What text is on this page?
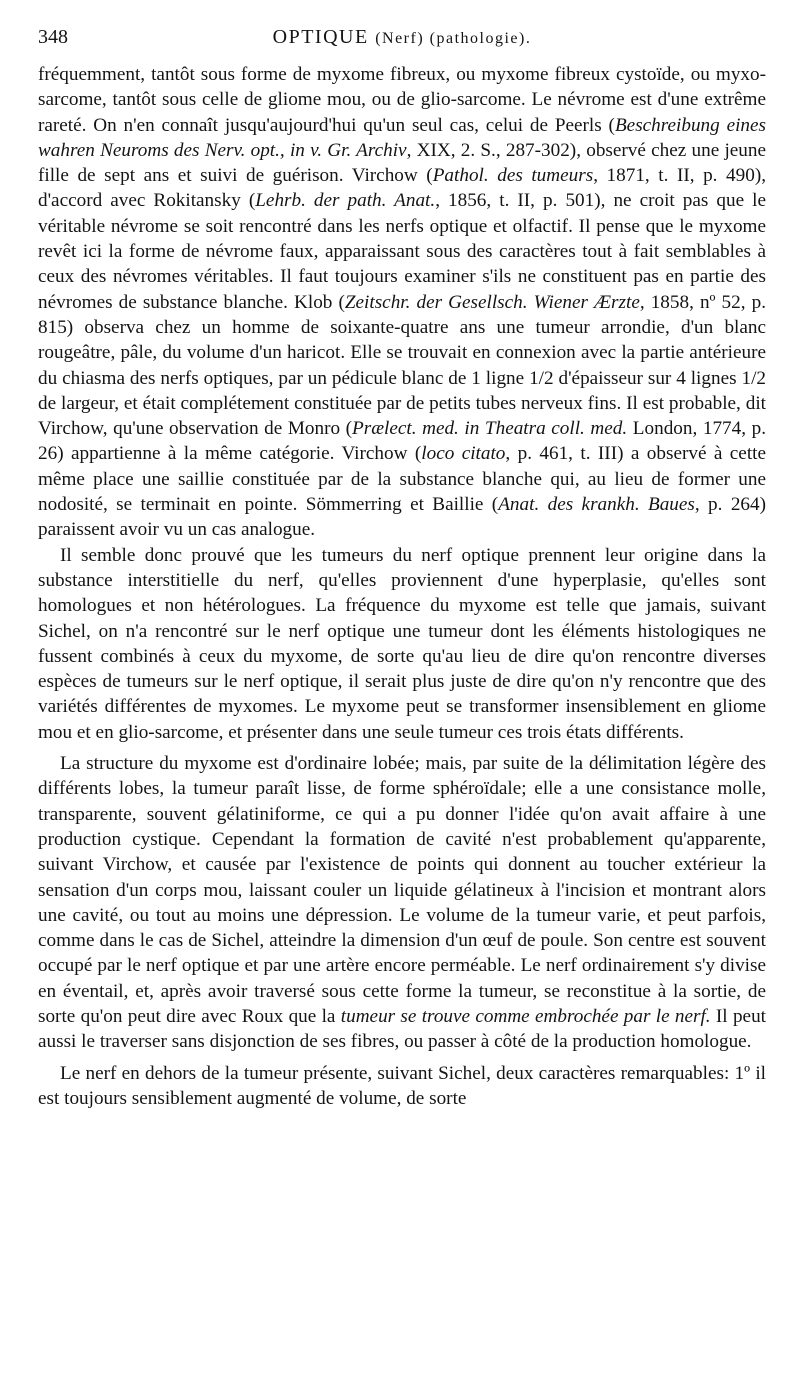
348	OPTIQUE (Nerf) (pathologie).

fréquemment, tantôt sous forme de myxome fibreux, ou myxome fibreux cystoïde, ou myxo-sarcome, tantôt sous celle de gliome mou, ou de glio-sarcome. Le névrome est d'une extrême rareté. On n'en connaît jusqu'aujourd'hui qu'un seul cas, celui de Peerls (Beschreibung eines wahren Neuroms des Nerv. opt., in v. Gr. Archiv, XIX, 2. S., 287-302), observé chez une jeune fille de sept ans et suivi de guérison. Virchow (Pathol. des tumeurs, 1871, t. II, p. 490), d'accord avec Rokitansky (Lehrb. der path. Anat., 1856, t. II, p. 501), ne croit pas que le véritable névrome se soit rencontré dans les nerfs optique et olfactif. Il pense que le myxome revêt ici la forme de névrome faux, apparaissant sous des caractères tout à fait semblables à ceux des névromes véritables. Il faut toujours examiner s'ils ne constituent pas en partie des névromes de substance blanche. Klob (Zeitschr. der Gesellsch. Wiener Ærzte, 1858, nº 52, p. 815) observa chez un homme de soixante-quatre ans une tumeur arrondie, d'un blanc rougeâtre, pâle, du volume d'un haricot. Elle se trouvait en connexion avec la partie antérieure du chiasma des nerfs optiques, par un pédicule blanc de 1 ligne 1/2 d'épaisseur sur 4 lignes 1/2 de largeur, et était complétement constituée par de petits tubes nerveux fins. Il est probable, dit Virchow, qu'une observation de Monro (Prælect. med. in Theatra coll. med. London, 1774, p. 26) appartienne à la même catégorie. Virchow (loco citato, p. 461, t. III) a observé à cette même place une saillie constituée par de la substance blanche qui, au lieu de former une nodosité, se terminait en pointe. Sömmerring et Baillie (Anat. des krankh. Baues, p. 264) paraissent avoir vu un cas analogue.

Il semble donc prouvé que les tumeurs du nerf optique prennent leur origine dans la substance interstitielle du nerf, qu'elles proviennent d'une hyperplasie, qu'elles sont homologues et non hétérologues. La fréquence du myxome est telle que jamais, suivant Sichel, on n'a rencontré sur le nerf optique une tumeur dont les éléments histologiques ne fussent combinés à ceux du myxome, de sorte qu'au lieu de dire qu'on rencontre diverses espèces de tumeurs sur le nerf optique, il serait plus juste de dire qu'on n'y rencontre que des variétés différentes de myxomes. Le myxome peut se transformer insensiblement en gliome mou et en glio-sarcome, et présenter dans une seule tumeur ces trois états différents.

La structure du myxome est d'ordinaire lobée; mais, par suite de la délimitation légère des différents lobes, la tumeur paraît lisse, de forme sphéroïdale; elle a une consistance molle, transparente, souvent gélatiniforme, ce qui a pu donner l'idée qu'on avait affaire à une production cystique. Cependant la formation de cavité n'est probablement qu'apparente, suivant Virchow, et causée par l'existence de points qui donnent au toucher extérieur la sensation d'un corps mou, laissant couler un liquide gélatineux à l'incision et montrant alors une cavité, ou tout au moins une dépression. Le volume de la tumeur varie, et peut parfois, comme dans le cas de Sichel, atteindre la dimension d'un œuf de poule. Son centre est souvent occupé par le nerf optique et par une artère encore perméable. Le nerf ordinairement s'y divise en éventail, et, après avoir traversé sous cette forme la tumeur, se reconstitue à la sortie, de sorte qu'on peut dire avec Roux que la tumeur se trouve comme embrochée par le nerf. Il peut aussi le traverser sans disjonction de ses fibres, ou passer à côté de la production homologue.

Le nerf en dehors de la tumeur présente, suivant Sichel, deux caractères remarquables: 1º il est toujours sensiblement augmenté de volume, de sorte
